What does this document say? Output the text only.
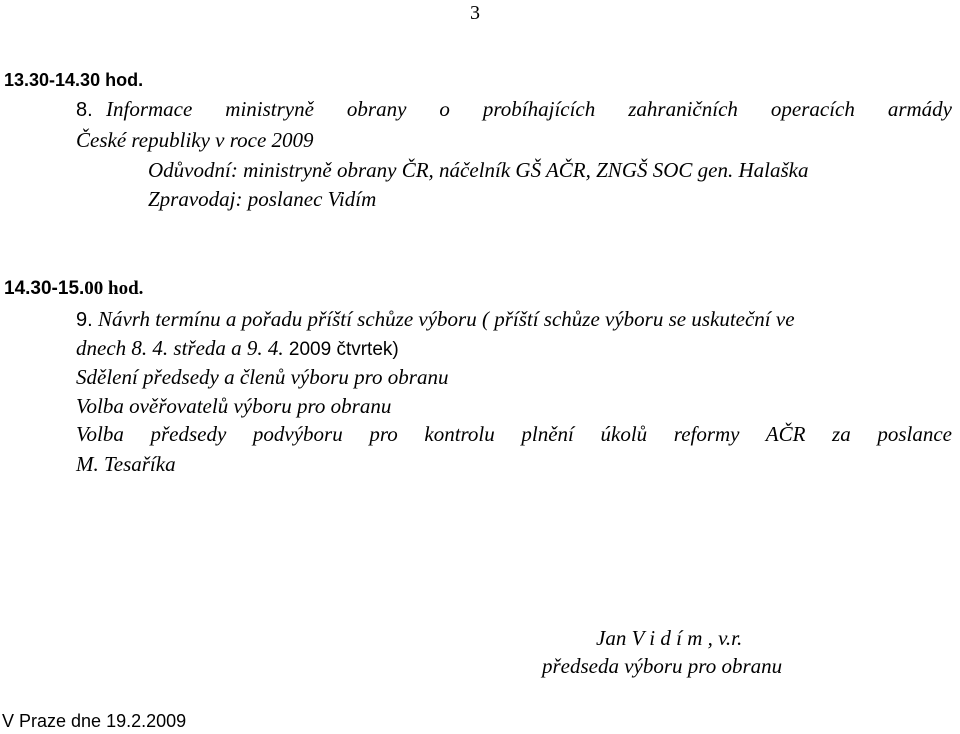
3
13.30-14.30 hod.
8. Informace ministryně obrany o probíhajících zahraničních operacích armády
České republiky v roce 2009
Odůvodní: ministryně obrany ČR, náčelník GŠ AČR, ZNGŠ SOC gen. Halaška
Zpravodaj: poslanec Vidím
14.30-15.00 hod.
9. Návrh termínu a pořadu příští schůze výboru ( příští schůze výboru se uskuteční ve
dnech 8. 4. středa a 9. 4. 2009 čtvrtek)
Sdělení předsedy a členů výboru pro obranu
Volba ověřovatelů výboru pro obranu
Volba předsedy podvýboru pro kontrolu plnění úkolů reformy AČR za poslance
M. Tesaříka
Jan V i d í m , v.r.
předseda výboru pro obranu
V Praze dne 19.2.2009
